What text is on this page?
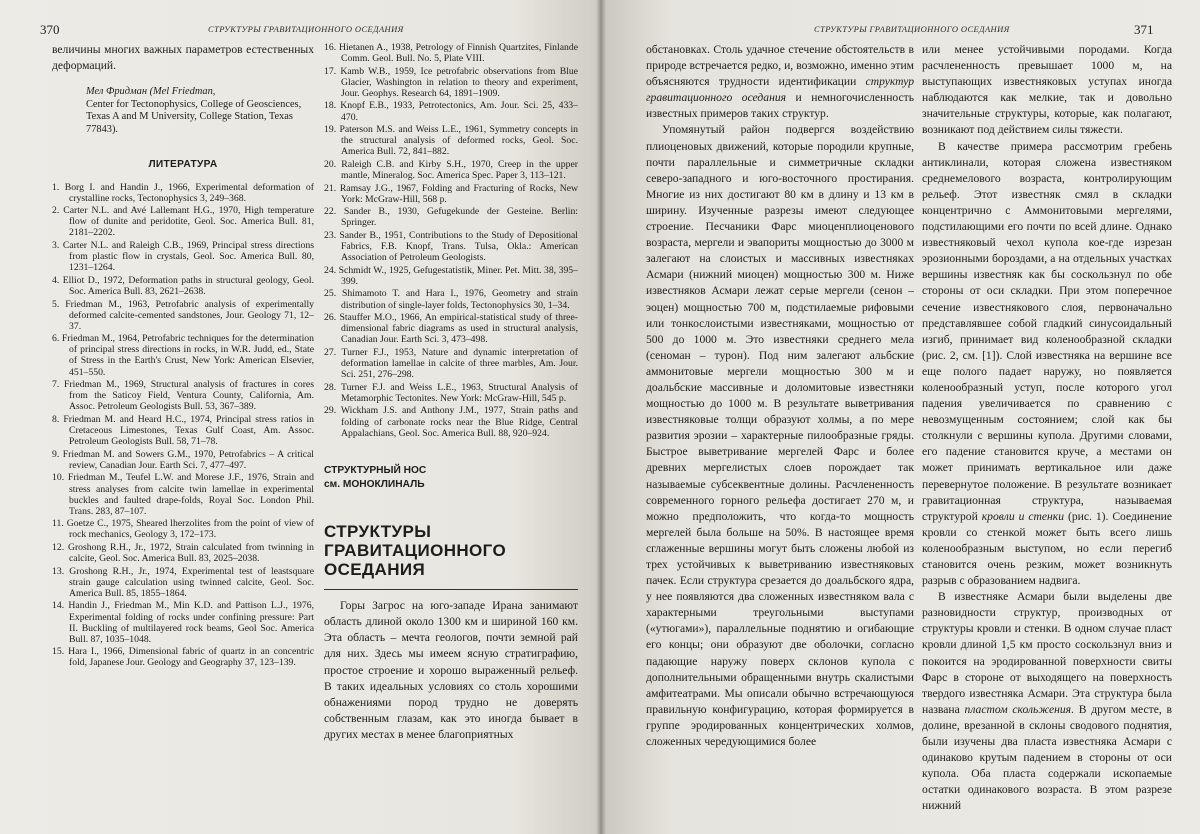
370	СТРУКТУРЫ ГРАВИТАЦИОННОГО ОСЕДАНИЯ

величины многих важных параметров естественных деформаций.

Мел Фридман (Mel Friedman,

Center for Tectonophysics, College of Geosciences, Texas A and M University, College Station, Texas 77843).

ЛИТЕРАТУРА
1. Borg I. and Handin J., 1966, Experimental deformation of crystalline rocks, Tectonophysics 3, 249–368.
2. Carter N.L. and Avé Lallemant H.G., 1970, High temperature flow of dunite and peridotite, Geol. Soc. America Bull. 81, 2181–2202.
3. Carter N.L. and Raleigh C.B., 1969, Principal stress directions from plastic flow in crystals, Geol. Soc. America Bull. 80, 1231–1264.
4. Elliot D., 1972, Deformation paths in structural geology, Geol. Soc. America Bull. 83, 2621–2638.
5. Friedman M., 1963, Petrofabric analysis of experimentally deformed calcite-cemented sandstones, Jour. Geology 71, 12–37.
6. Friedman M., 1964, Petrofabric techniques for the determination of principal stress directions in rocks, in W.R. Judd, ed., State of Stress in the Earth's Crust, New York: American Elsevier, 451–550.
7. Friedman M., 1969, Structural analysis of fractures in cores from the Saticoy Field, Ventura County, California, Am. Assoc. Petroleum Geologists Bull. 53, 367–389.
8. Friedman M. and Heard H.C., 1974, Principal stress ratios in Cretaceous Limestones, Texas Gulf Coast, Am. Assoc. Petroleum Geologists Bull. 58, 71–78.
9. Friedman M. and Sowers G.M., 1970, Petrofabrics – A critical review, Canadian Jour. Earth Sci. 7, 477–497.
10. Friedman M., Teufel L.W. and Morese J.F., 1976, Strain and stress analyses from calcite twin lamellae in experimental buckles and faulted drape-folds, Royal Soc. London Phil. Trans. 283, 87–107.
11. Goetze C., 1975, Sheared lherzolites from the point of view of rock mechanics, Geology 3, 172–173.
12. Groshong R.H., Jr., 1972, Strain calculated from twinning in calcite, Geol. Soc. America Bull. 83, 2025–2038.
13. Groshong R.H., Jr., 1974, Experimental test of leastsquare strain gauge calculation using twinned calcite, Geol. Soc. America Bull. 85, 1855–1864.
14. Handin J., Friedman M., Min K.D. and Pattison L.J., 1976, Experimental folding of rocks under confining pressure: Part II. Buckling of multilayered rock beams, Geol Soc. America Bull. 87, 1035–1048.
15. Hara I., 1966, Dimensional fabric of quartz in an concentric fold, Japanese Jour. Geology and Geography 37, 123–139.
16. Hietanen A., 1938, Petrology of Finnish Quartzites, Finlande Comm. Geol. Bull. No. 5, Plate VIII.
17. Kamb W.B., 1959, Ice petrofabric observations from Blue Glacier, Washington in relation to theory and experiment, Jour. Geophys. Research 64, 1891–1909.
18. Knopf E.B., 1933, Petrotectonics, Am. Jour. Sci. 25, 433–470.
19. Paterson M.S. and Weiss L.E., 1961, Symmetry concepts in the structural analysis of deformed rocks, Geol. Soc. America Bull. 72, 841–882.
20. Raleigh C.B. and Kirby S.H., 1970, Creep in the upper mantle, Mineralog. Soc. America Spec. Paper 3, 113–121.
21. Ramsay J.G., 1967, Folding and Fracturing of Rocks, New York: McGraw-Hill, 568 p.
22. Sander B., 1930, Gefugekunde der Gesteine. Berlin: Springer.
23. Sander B., 1951, Contributions to the Study of Depositional Fabrics, F.B. Knopf, Trans. Tulsa, Okla.: American Association of Petroleum Geologists.
24. Schmidt W., 1925, Gefugestatistik, Miner. Pet. Mitt. 38, 395–399.
25. Shimamoto T. and Hara I., 1976, Geometry and strain distribution of single-layer folds, Tectonophysics 30, 1–34.
26. Stauffer M.O., 1966, An empirical-statistical study of three-dimensional fabric diagrams as used in structural analysis, Canadian Jour. Earth Sci. 3, 473–498.
27. Turner F.J., 1953, Nature and dynamic interpretation of deformation lamellae in calcite of three marbles, Am. Jour. Sci. 251, 276–298.
28. Turner F.J. and Weiss L.E., 1963, Structural Analysis of Metamorphic Tectonites. New York: McGraw-Hill, 545 p.
29. Wickham J.S. and Anthony J.M., 1977, Strain paths and folding of carbonate rocks near the Blue Ridge, Central Appalachians, Geol. Soc. America Bull. 88, 920–924.
СТРУКТУРНЫЙ НОС
см. МОНОКЛИНАЛЬ
СТРУКТУРЫ
ГРАВИТАЦИОННОГО ОСЕДАНИЯ

Горы Загрос на юго-западе Ирана занимают область длиной около 1300 км и шириной 160 км. Эта область – мечта геологов, почти земной рай для них. Здесь мы имеем ясную стратиграфию, простое строение и хорошо выраженный рельеф. В таких идеальных условиях со столь хорошими обнажениями пород трудно не доверять собственным глазам, как это иногда бывает в других местах в менее благоприятных

СТРУКТУРЫ ГРАВИТАЦИОННОГО ОСЕДАНИЯ	371

обстановках. Столь удачное стечение обстоятельств в природе встречается редко, и, возможно, именно этим объясняются трудности идентификации структур гравитационного оседания и немногочисленность известных примеров таких структур.

Упомянутый район подвергся воздействию плиоценовых движений, которые породили крупные, почти параллельные и симметричные складки северо-западного и юго-восточного простирания. Многие из них достигают 80 км в длину и 13 км в ширину. Изученные разрезы имеют следующее строение. Песчаники Фарс миоценплиоценового возраста, мергели и эвапориты мощностью до 3000 м залегают на слоистых и массивных известняках Асмари (нижний миоцен) мощностью 300 м. Ниже известняков Асмари лежат серые мергели (сенон – эоцен) мощностью 700 м, подстилаемые рифовыми или тонкослоистыми известняками, мощностью от 500 до 1000 м. Это известняки среднего мела (сеноман – турон). Под ним залегают альбские аммонитовые мергели мощностью 300 м и доальбские массивные и доломитовые известняки мощностью до 1000 м. В результате выветривания известняковые толщи образуют холмы, а по мере развития эрозии – характерные пилообразные гряды. Быстрое выветривание мергелей Фарс и более древних мергелистых слоев порождает так называемые субсеквентные долины. Расчлененность современного горного рельефа достигает 270 м, и можно предположить, что когда-то мощность мергелей была больше на 50%. В настоящее время сглаженные вершины могут быть сложены любой из трех устойчивых к выветриванию известняковых пачек. Если структура срезается до доальбского ядра, у нее появляются два сложенных известняком вала с характерными треугольными выступами («утюгами»), параллельные поднятию и огибающие его концы; они образуют две оболочки, согласно падающие наружу поверх склонов купола с дополнительными обращенными внутрь скалистыми амфитеатрами. Мы описали обычно встречающуюся правильную конфигурацию, которая формируется в группе эродированных концентрических холмов, сложенных чередующимися более

или менее устойчивыми породами. Когда расчлененность превышает 1000 м, на выступающих известняковых уступах иногда наблюдаются как мелкие, так и довольно значительные структуры, которые, как полагают, возникают под действием силы тяжести.

В качестве примера рассмотрим гребень антиклинали, которая сложена известняком среднемелового возраста, контролирующим рельеф. Этот известняк смял в складки концентрично с Аммонитовыми мергелями, подстилающими его почти по всей длине. Однако известняковый чехол купола кое-где изрезан эрозионными бороздами, а на отдельных участках вершины известняк как бы соскользнул по обе стороны от оси складки. При этом поперечное сечение известнякового слоя, первоначально представлявшее собой гладкий синусоидальный изгиб, принимает вид коленообразной складки (рис. 2, см. [1]). Слой известняка на вершине все еще полого падает наружу, но появляется коленообразный уступ, после которого угол падения увеличивается по сравнению с невозмущенным состоянием; слой как бы столкнули с вершины купола. Другими словами, его падение становится круче, а местами он может принимать вертикальное или даже перевернутое положение. В результате возникает гравитационная структура, называемая структурой кровли и стенки (рис. 1). Соединение кровли со стенкой может быть всего лишь коленообразным выступом, но если перегиб становится очень резким, может возникнуть разрыв с образованием надвига.

В известняке Асмари были выделены две разновидности структур, производных от структуры кровли и стенки. В одном случае пласт кровли длиной 1,5 км просто соскользнул вниз и покоится на эродированной поверхности свиты Фарс в стороне от выходящего на поверхность твердого известняка Асмари. Эта структура была названа пластом скольжения. В другом месте, в долине, врезанной в склоны сводового поднятия, были изучены два пласта известняка Асмари с одинаково крутым падением в стороны от оси купола. Оба пласта содержали ископаемые остатки одинакового возраста. В этом разрезе нижний
